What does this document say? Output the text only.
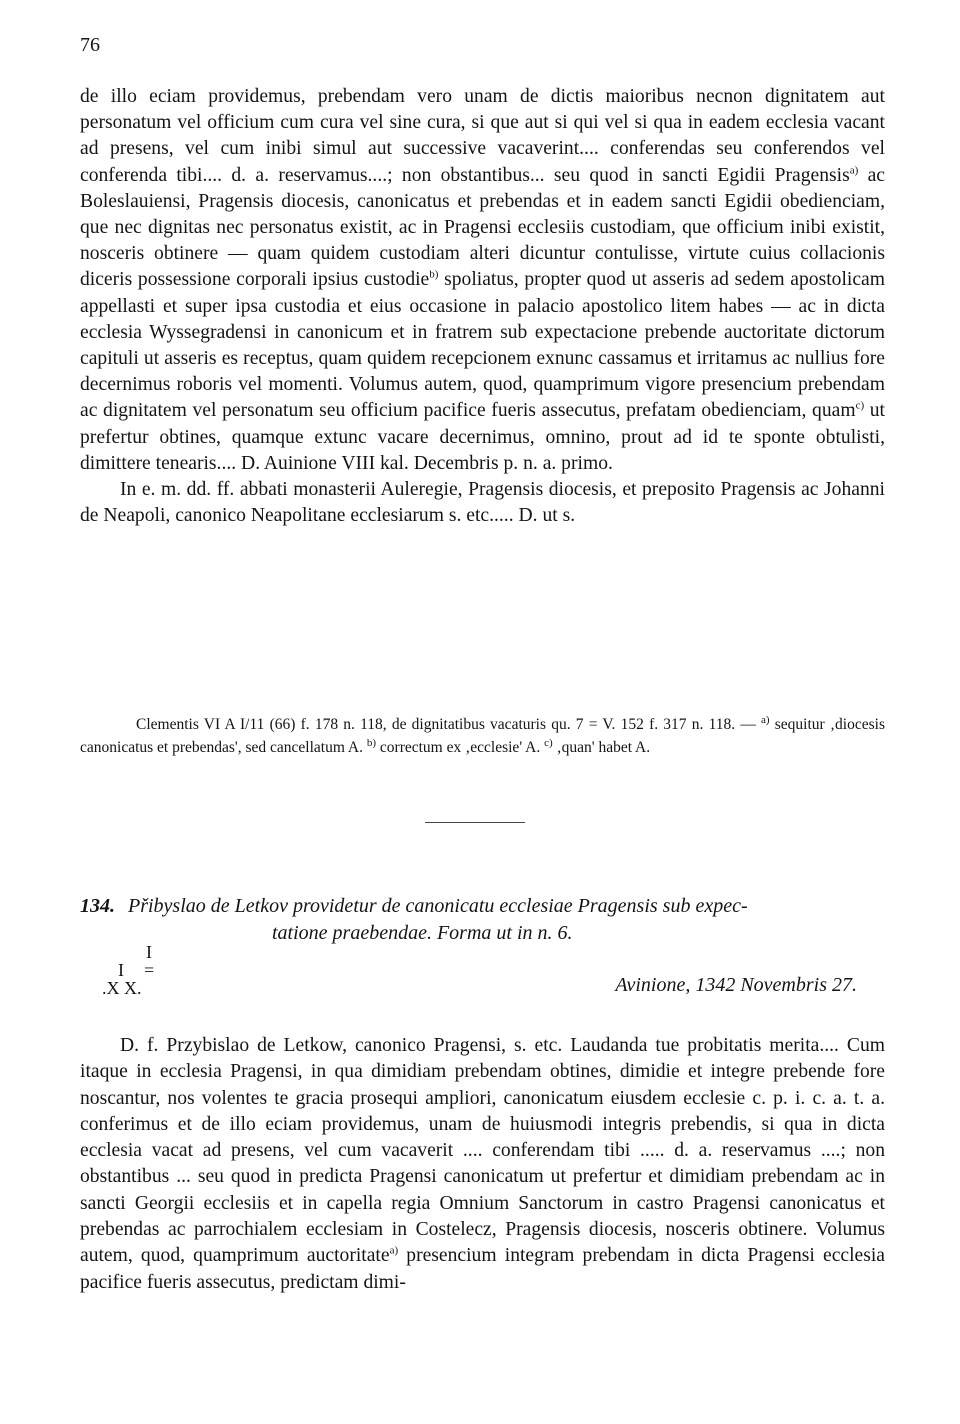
76

de illo eciam providemus, prebendam vero unam de dictis maioribus necnon dignitatem aut personatum vel officium cum cura vel sine cura, si que aut si qui vel si qua in eadem ecclesia vacant ad presens, vel cum inibi simul aut successive vacaverint.... conferendas seu conferendos vel conferenda tibi.... d. a. reservamus....; non obstantibus... seu quod in sancti Egidii Pragensis$^{a)}$ ac Boleslauiensi, Pragensis diocesis, canonicatus et prebendas et in eadem sancti Egidii obedienciam, que nec dignitas nec personatus existit, ac in Pragensi ecclesiis custodiam, que officium inibi existit, nosceris obtinere — quam quidem custodiam alteri dicuntur contulisse, virtute cuius collacionis diceris possessione corporali ipsius custodie$^{b)}$ spoliatus, propter quod ut asseris ad sedem apostolicam appellasti et super ipsa custodia et eius occasione in palacio apostolico litem habes — ac in dicta ecclesia Wyssegradensi in canonicum et in fratrem sub expectacione prebende auctoritate dictorum capituli ut asseris es receptus, quam quidem recepcionem exnunc cassamus et irritamus ac nullius fore decernimus roboris vel momenti. Volumus autem, quod, quamprimum vigore presencium prebendam ac dignitatem vel personatum seu officium pacifice fueris assecutus, prefatam obedienciam, quam$^{c)}$ ut prefertur obtines, quamque extunc vacare decernimus, omnino, prout ad id te sponte obtulisti, dimittere tenearis.... D. Auinione VIII kal. Decembris p. n. a. primo.

In e. m. dd. ff. abbati monasterii Auleregie, Pragensis diocesis, et preposito Pragensis ac Johanni de Neapoli, canonico Neapolitane ecclesiarum s. etc..... D. ut s.

Clementis VI A I/11 (66) f. 178 n. 118, de dignitatibus vacaturis qu. 7 = V. 152 f. 317 n. 118. — $^{a)}$ sequitur ‚diocesis canonicatus et prebendas', sed cancellatum A. $^{b)}$ correctum ex ‚ecclesie' A. $^{c)}$ ‚quan' habet A.

134. Přibyslao de Letkov providetur de canonicatu ecclesiae Pragensis sub expec-
tatione praebendae. Forma ut in n. 6.
I
I =
.X X.	Avinione, 1342 Novembris 27.

D. f. Przybislao de Letkow, canonico Pragensi, s. etc. Laudanda tue probitatis merita.... Cum itaque in ecclesia Pragensi, in qua dimidiam prebendam obtines, dimidie et integre prebende fore noscantur, nos volentes te gracia prosequi ampliori, canonicatum eiusdem ecclesie c. p. i. c. a. t. a. conferimus et de illo eciam providemus, unam de huiusmodi integris prebendis, si qua in dicta ecclesia vacat ad presens, vel cum vacaverit .... conferendam tibi ..... d. a. reservamus ....; non obstantibus ... seu quod in predicta Pragensi canonicatum ut prefertur et dimidiam prebendam ac in sancti Georgii ecclesiis et in capella regia Omnium Sanctorum in castro Pragensi canonicatus et prebendas ac parrochialem ecclesiam in Costelecz, Pragensis diocesis, nosceris obtinere. Volumus autem, quod, quamprimum auctoritate$^{a)}$ presencium integram prebendam in dicta Pragensi ecclesia pacifice fueris assecutus, predictam dimi-
